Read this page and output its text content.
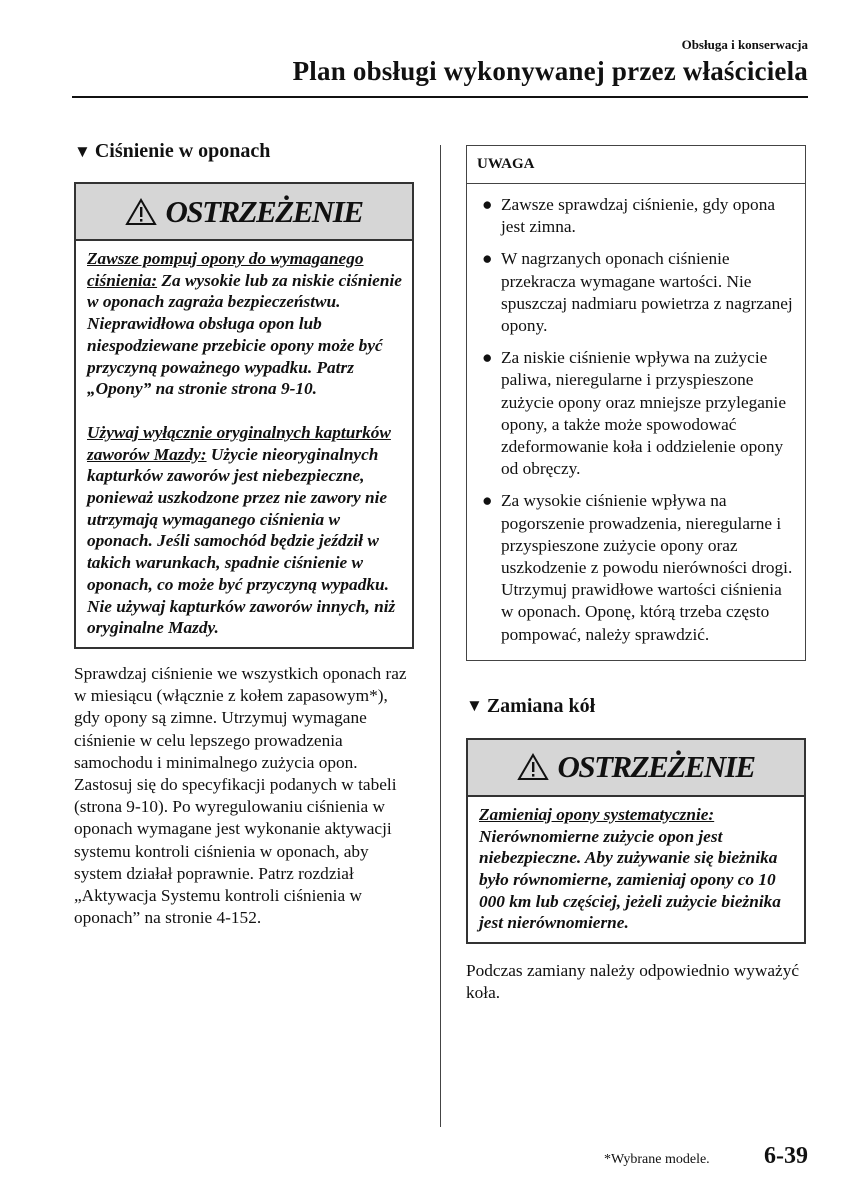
Obsługa i konserwacja
Plan obsługi wykonywanej przez właściciela
▼ Ciśnienie w oponach
OSTRZEŻENIE

Zawsze pompuj opony do wymaganego ciśnienia: Za wysokie lub za niskie ciśnienie w oponach zagraża bezpieczeństwu. Nieprawidłowa obsługa opon lub niespodziewane przebicie opony może być przyczyną poważnego wypadku. Patrz „Opony” na stronie strona 9-10.

Używaj wyłącznie oryginalnych kapturków zaworów Mazdy: Użycie nieoryginalnych kapturków zaworów jest niebezpieczne, ponieważ uszkodzone przez nie zawory nie utrzymają wymaganego ciśnienia w oponach. Jeśli samochód będzie jeździł w takich warunkach, spadnie ciśnienie w oponach, co może być przyczyną wypadku. Nie używaj kapturków zaworów innych, niż oryginalne Mazdy.

Sprawdzaj ciśnienie we wszystkich oponach raz w miesiącu (włącznie z kołem zapasowym*), gdy opony są zimne. Utrzymuj wymagane ciśnienie w celu lepszego prowadzenia samochodu i minimalnego zużycia opon. Zastosuj się do specyfikacji podanych w tabeli (strona 9-10). Po wyregulowaniu ciśnienia w oponach wymagane jest wykonanie aktywacji systemu kontroli ciśnienia w oponach, aby system działał poprawnie. Patrz rozdział „Aktywacja Systemu kontroli ciśnienia w oponach” na stronie 4-152.

UWAGA
● Zawsze sprawdzaj ciśnienie, gdy opona jest zimna.
● W nagrzanych oponach ciśnienie przekracza wymagane wartości. Nie spuszczaj nadmiaru powietrza z nagrzanej opony.
● Za niskie ciśnienie wpływa na zużycie paliwa, nieregularne i przyspieszone zużycie opony oraz mniejsze przyleganie opony, a także może spowodować zdeformowanie koła i oddzielenie opony od obręczy.
● Za wysokie ciśnienie wpływa na pogorszenie prowadzenia, nieregularne i przyspieszone zużycie opony oraz uszkodzenie z powodu nierówności drogi. Utrzymuj prawidłowe wartości ciśnienia w oponach. Oponę, którą trzeba często pompować, należy sprawdzić.
▼ Zamiana kół
OSTRZEŻENIE

Zamieniaj opony systematycznie: Nierównomierne zużycie opon jest niebezpieczne. Aby zużywanie się bieżnika było równomierne, zamieniaj opony co 10 000 km lub częściej, jeżeli zużycie bieżnika jest nierównomierne.

Podczas zamiany należy odpowiednio wyważyć koła.

*Wybrane modele. 6-39
